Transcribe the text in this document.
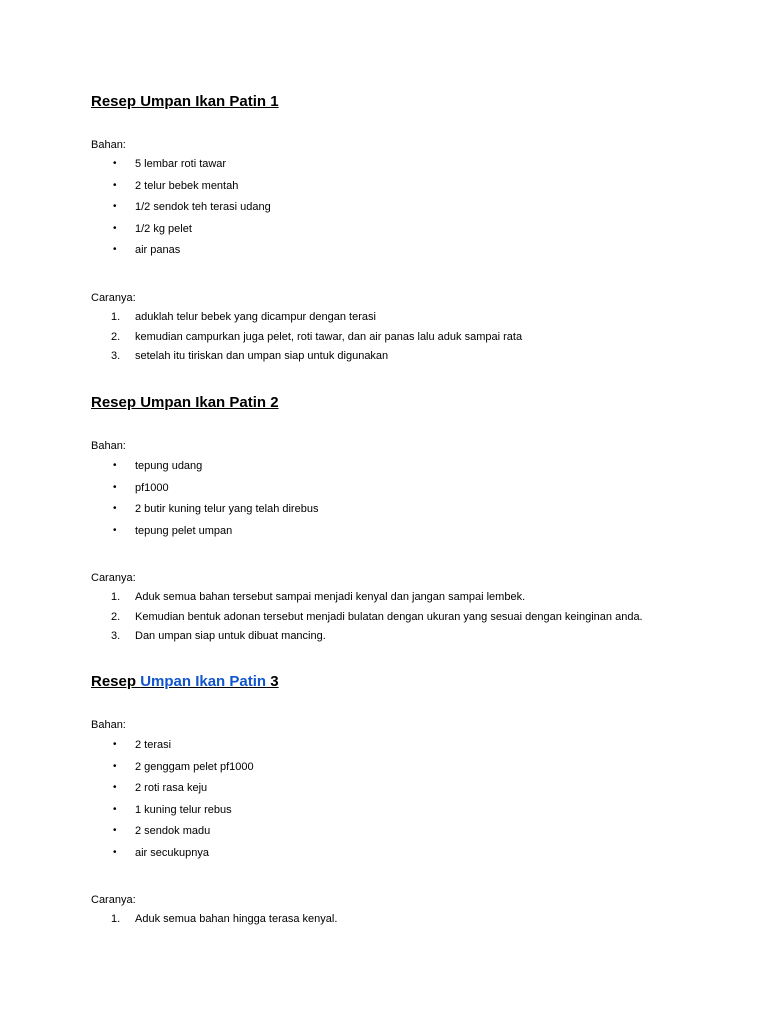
Resep Umpan Ikan Patin 1
Bahan:
• 5 lembar roti tawar
• 2 telur bebek mentah
• 1/2 sendok teh terasi udang
• 1/2 kg pelet
• air panas
Caranya:
1.	aduklah telur bebek yang dicampur dengan terasi
2.	kemudian campurkan juga pelet, roti tawar, dan air panas lalu aduk sampai rata
3.	setelah itu tiriskan dan umpan siap untuk digunakan
Resep Umpan Ikan Patin 2
Bahan:
• tepung udang
• pf1000
• 2 butir kuning telur yang telah direbus
• tepung pelet umpan
Caranya:
1.	Aduk semua bahan tersebut sampai menjadi kenyal dan jangan sampai lembek.
2.	Kemudian bentuk adonan tersebut menjadi bulatan dengan ukuran yang sesuai dengan keinginan anda.
3.	Dan umpan siap untuk dibuat mancing.
Resep Umpan Ikan Patin 3
Bahan:
• 2 terasi
• 2 genggam pelet pf1000
• 2 roti rasa keju
• 1 kuning telur rebus
• 2 sendok madu
• air secukupnya
Caranya:
1.	Aduk semua bahan hingga terasa kenyal.
